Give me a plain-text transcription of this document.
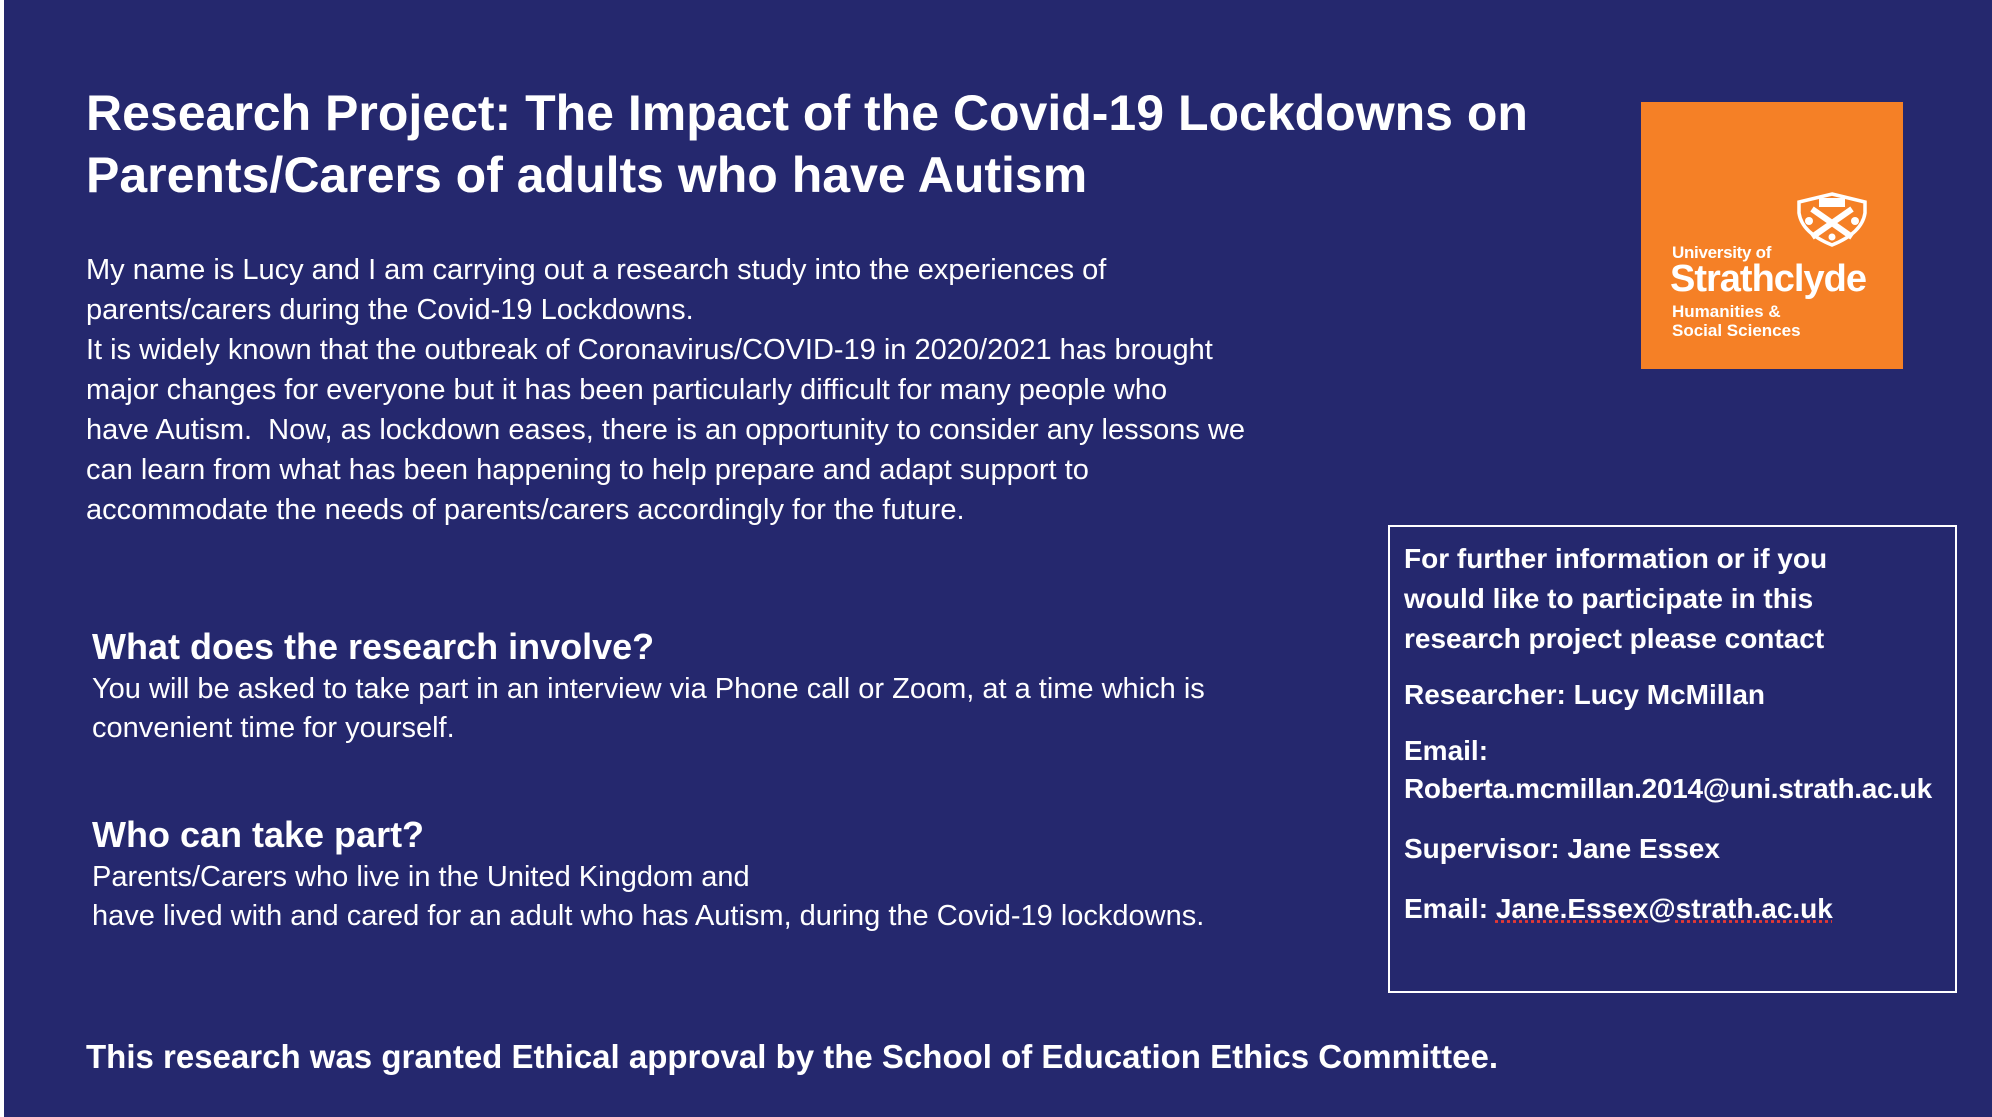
Research Project: The Impact of the Covid-19 Lockdowns on
Parents/Carers of adults who have Autism

My name is Lucy and I am carrying out a research study into the experiences of

parents/carers during the Covid-19 Lockdowns.

It is widely known that the outbreak of Coronavirus/COVID-19 in 2020/2021 has brought

major changes for everyone but it has been particularly difficult for many people who

have Autism.  Now, as lockdown eases, there is an opportunity to consider any lessons we

can learn from what has been happening to help prepare and adapt support to

accommodate the needs of parents/carers accordingly for the future.

What does the research involve?

You will be asked to take part in an interview via Phone call or Zoom, at a time which is

convenient time for yourself.

Who can take part?

Parents/Carers who live in the United Kingdom and

have lived with and cared for an adult who has Autism, during the Covid-19 lockdowns.

University of
Strathclyde
Humanities &
Social Sciences

For further information or if you

would like to participate in this

research project please contact

Researcher: Lucy McMillan

Email:

Roberta.mcmillan.2014@uni.strath.ac.uk

Supervisor: Jane Essex

Email: Jane.Essex@strath.ac.uk

This research was granted Ethical approval by the School of Education Ethics Committee.
